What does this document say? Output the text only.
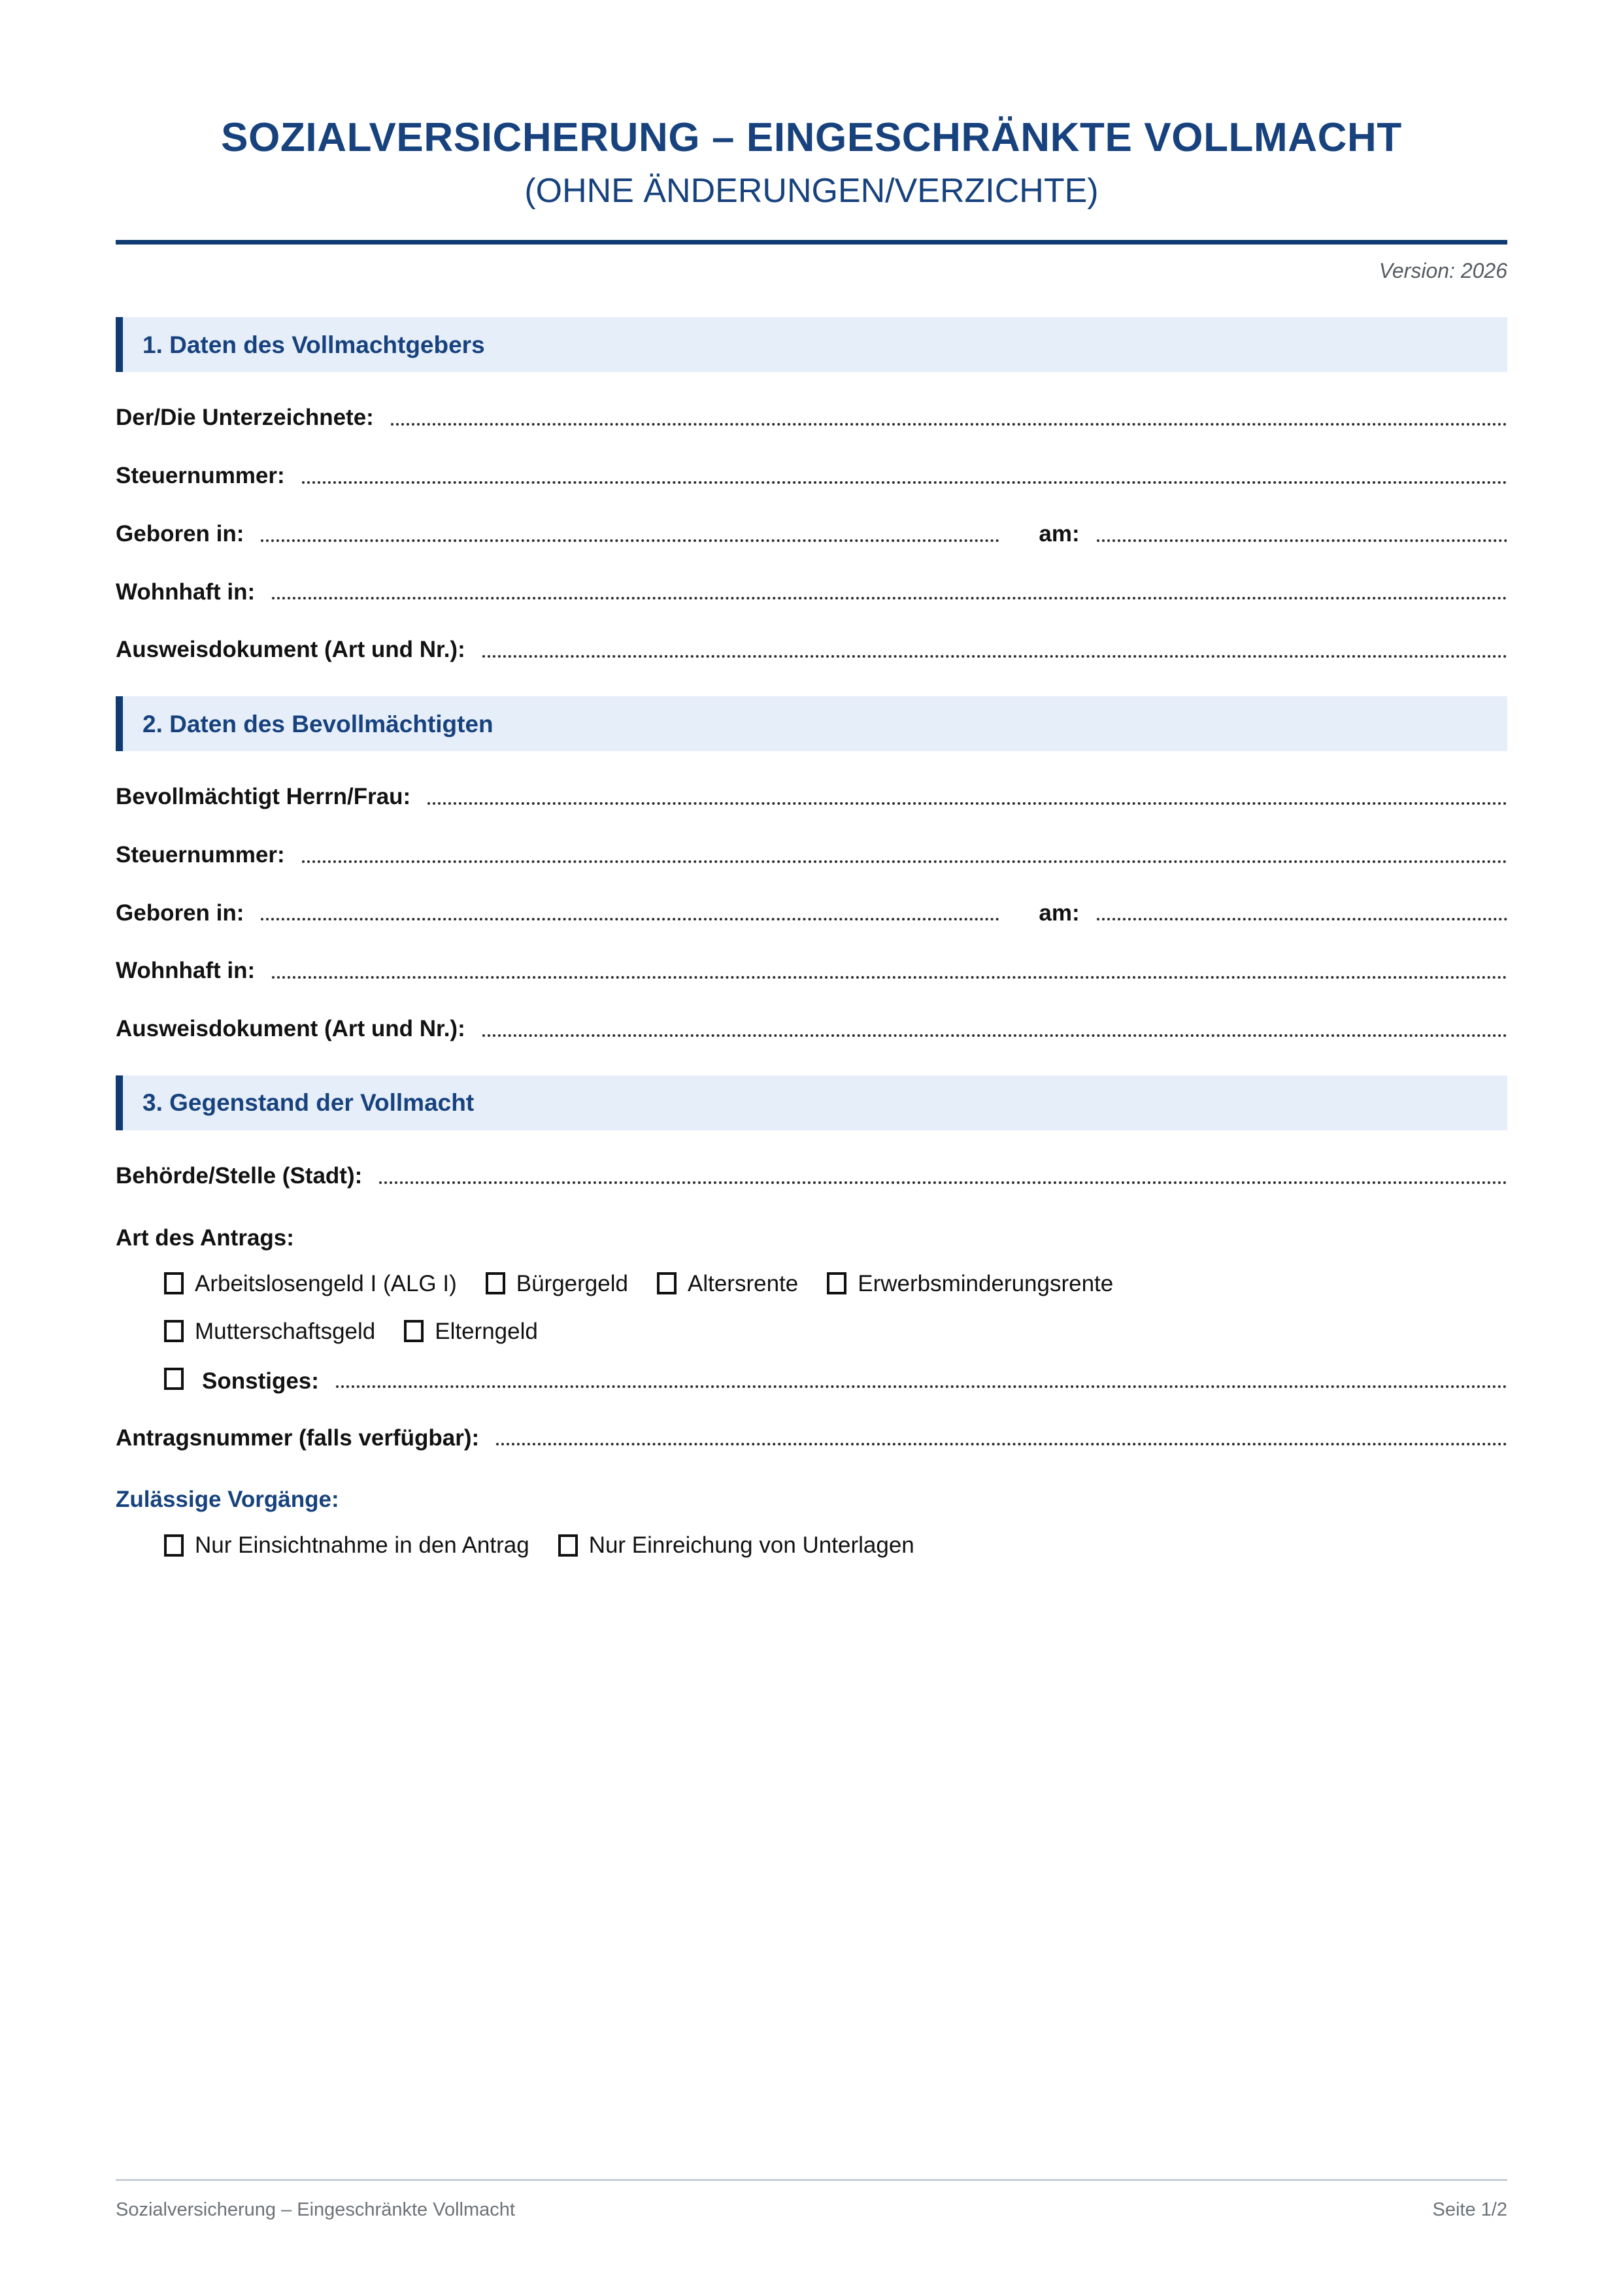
SOZIALVERSICHERUNG – EINGESCHRÄNKTE VOLLMACHT
(OHNE ÄNDERUNGEN/VERZICHTE)
Version: 2026
1. Daten des Vollmachtgebers
Der/Die Unterzeichnete:
Steuernummer:
Geboren in:	am:
Wohnhaft in:
Ausweisdokument (Art und Nr.):
2. Daten des Bevollmächtigten
Bevollmächtigt Herrn/Frau:
Steuernummer:
Geboren in:	am:
Wohnhaft in:
Ausweisdokument (Art und Nr.):
3. Gegenstand der Vollmacht
Behörde/Stelle (Stadt):
Art des Antrags:
Arbeitslosengeld I (ALG I)	Bürgergeld	Altersrente	Erwerbsminderungsrente
Mutterschaftsgeld	Elterngeld
Sonstiges:
Antragsnummer (falls verfügbar):
Zulässige Vorgänge:
Nur Einsichtnahme in den Antrag	Nur Einreichung von Unterlagen
Sozialversicherung – Eingeschränkte Vollmacht	Seite 1/2
